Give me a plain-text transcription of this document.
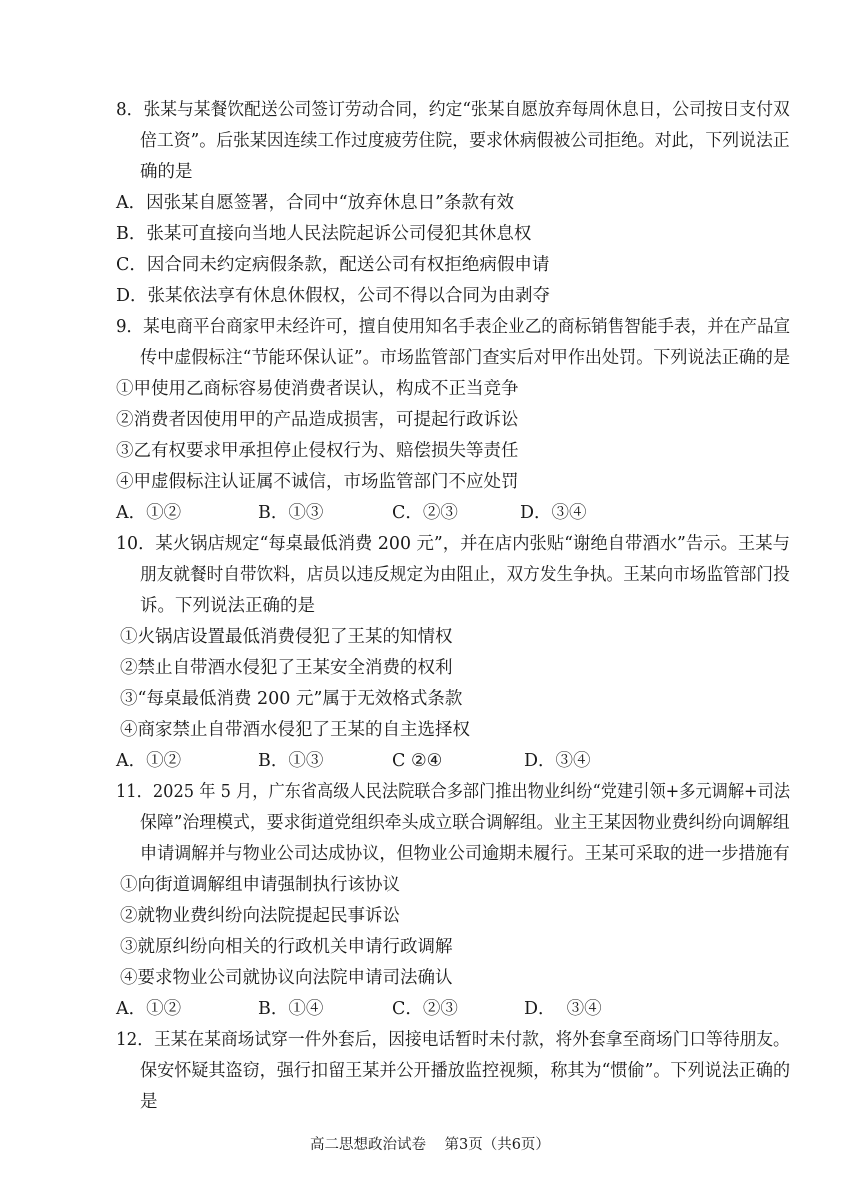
8．张某与某餐饮配送公司签订劳动合同，约定“张某自愿放弃每周休息日，公司按日支付双
倍工资”。后张某因连续工作过度疲劳住院，要求休病假被公司拒绝。对此，下列说法正
确的是
A．因张某自愿签署，合同中“放弃休息日”条款有效
B．张某可直接向当地人民法院起诉公司侵犯其休息权
C．因合同未约定病假条款，配送公司有权拒绝病假申请
D．张某依法享有休息休假权，公司不得以合同为由剥夺
9．某电商平台商家甲未经许可，擅自使用知名手表企业乙的商标销售智能手表，并在产品宣
传中虚假标注“节能环保认证”。市场监管部门查实后对甲作出处罚。下列说法正确的是
①甲使用乙商标容易使消费者误认，构成不正当竞争
②消费者因使用甲的产品造成损害，可提起行政诉讼
③乙有权要求甲承担停止侵权行为、赔偿损失等责任
④甲虚假标注认证属不诚信，市场监管部门不应处罚
A．①②	B．①③	C．②③	D．③④
10．某火锅店规定“每桌最低消费 200 元”，并在店内张贴“谢绝自带酒水”告示。王某与
朋友就餐时自带饮料，店员以违反规定为由阻止，双方发生争执。王某向市场监管部门投
诉。下列说法正确的是
①火锅店设置最低消费侵犯了王某的知情权
②禁止自带酒水侵犯了王某安全消费的权利
③“每桌最低消费 200 元”属于无效格式条款
④商家禁止自带酒水侵犯了王某的自主选择权
A．①②	B．①③	C ②④	D．③④
11．2025 年 5 月，广东省高级人民法院联合多部门推出物业纠纷“党建引领+多元调解+司法
保障”治理模式，要求街道党组织牵头成立联合调解组。业主王某因物业费纠纷向调解组
申请调解并与物业公司达成协议，但物业公司逾期未履行。王某可采取的进一步措施有
①向街道调解组申请强制执行该协议
②就物业费纠纷向法院提起民事诉讼
③就原纠纷向相关的行政机关申请行政调解
④要求物业公司就协议向法院申请司法确认
A．①②	B．①④	C．②③	D．  ③④
12．王某在某商场试穿一件外套后，因接电话暂时未付款，将外套拿至商场门口等待朋友。
保安怀疑其盗窃，强行扣留王某并公开播放监控视频，称其为“惯偷”。下列说法正确的
是
高二思想政治试卷    第3页（共6页）
